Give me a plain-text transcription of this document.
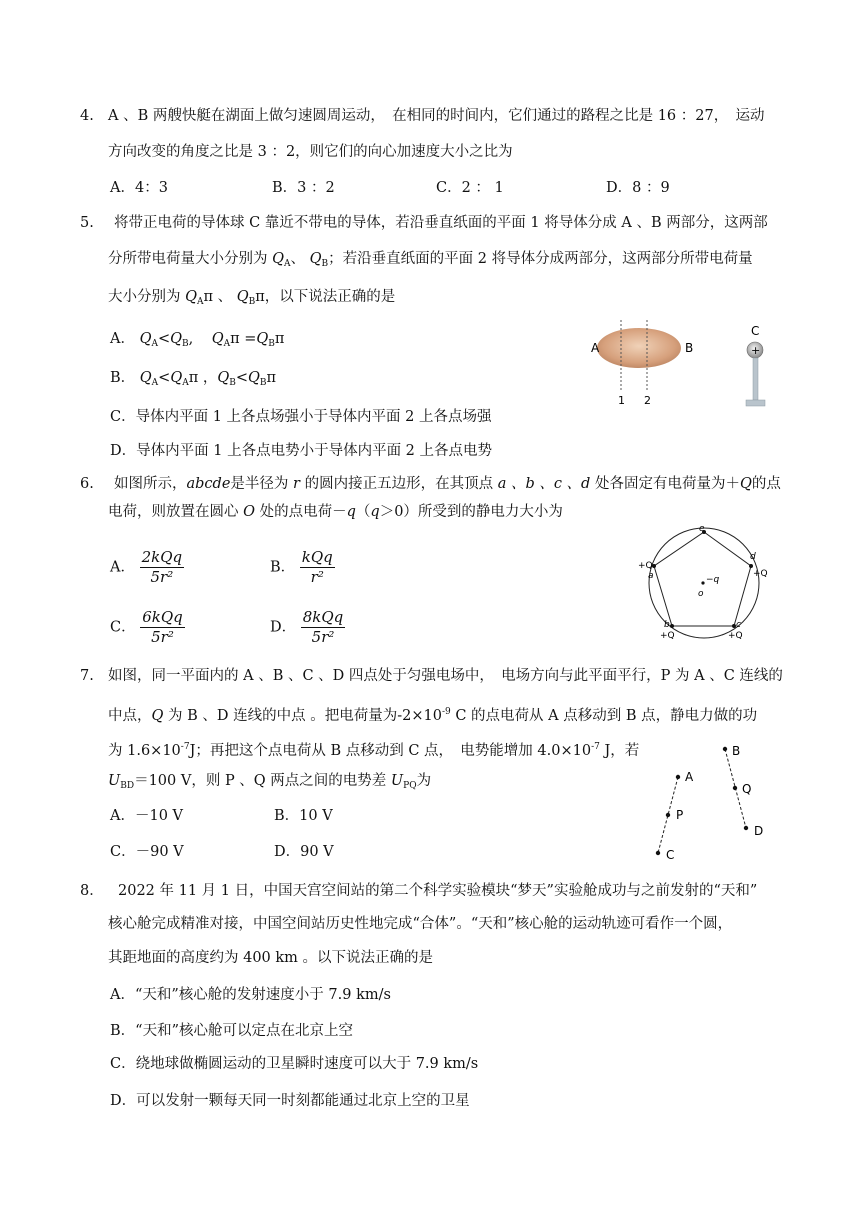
4. A 、B 两艘快艇在湖面上做匀速圆周运动，　在相同的时间内，它们通过的路程之比是 16 ：27，　运动
方向改变的角度之比是 3 ：2，则它们的向心加速度大小之比为
A．4：3	B．3 ：2	C．2 ： 1	D．8 ：9
5. 将带正电荷的导体球 C 靠近不带电的导体，若沿垂直纸面的平面 1 将导体分成 A 、B 两部分，这两部
分所带电荷量大小分别为 $Q_A$、 $Q_B$；若沿垂直纸面的平面 2 将导体分成两部分，这两部分所带电荷量
大小分别为 $Q_A\pi$ 、 $Q_B\pi$，以下说法正确的是
A． $Q_A<Q_B$,    $Q_A\pi =Q_B\pi$
B． $Q_A<Q_A\pi$ ，$Q_B<Q_B\pi$
C．导体内平面 1 上各点场强小于导体内平面 2 上各点场强
D．导体内平面 1 上各点电势小于导体内平面 2 上各点电势
A	B
1 2
C
+
6. 如图所示，abcde是半径为 r 的圆内接正五边形，在其顶点 a 、b 、c 、d 处各固定有电荷量为＋Q的点
电荷，则放置在圆心 O 处的点电荷－q（q＞0）所受到的静电力大小为
A． $\frac{\text{2kQq}}{\text{5r²}}$	B． $\frac{\text{kQq}}{\text{r²}}$
C． $\frac{\text{6kQq}}{\text{5r²}}$	D． $\frac{\text{8kQq}}{\text{5r²}}$
e
d
a
b	c
o
−q
+Q
+Q
+Q	+Q
7. 如图，同一平面内的 A 、B 、C 、D 四点处于匀强电场中，　电场方向与此平面平行，P 为 A 、C 连线的
中点，Q 为 B 、D 连线的中点 。把电荷量为$-2\times 10^{-9}$ C 的点电荷从 A 点移动到 B 点，静电力做的功
为 $1.6\times 10^{-7}J$；再把这个点电荷从 B 点移动到 C 点，　电势能增加 $4.0\times 10^{-7}$ J，若
$U_{BD}=100$ V，则 P 、Q 两点之间的电势差 $U_{PQ}$为
A．－10 V	B．10 V
C．－90 V	D．90 V
A
P
C
B
Q
D
8． 2022 年 11 月 1 日，中国天宫空间站的第二个科学实验模块“梦天”实验舱成功与之前发射的“天和”
核心舱完成精准对接，中国空间站历史性地完成“合体”。“天和”核心舱的运动轨迹可看作一个圆，
其距地面的高度约为 400 km 。以下说法正确的是
A．“天和”核心舱的发射速度小于 7.9 km/s
B．“天和”核心舱可以定点在北京上空
C．绕地球做椭圆运动的卫星瞬时速度可以大于 7.9 km/s
D．可以发射一颗每天同一时刻都能通过北京上空的卫星
